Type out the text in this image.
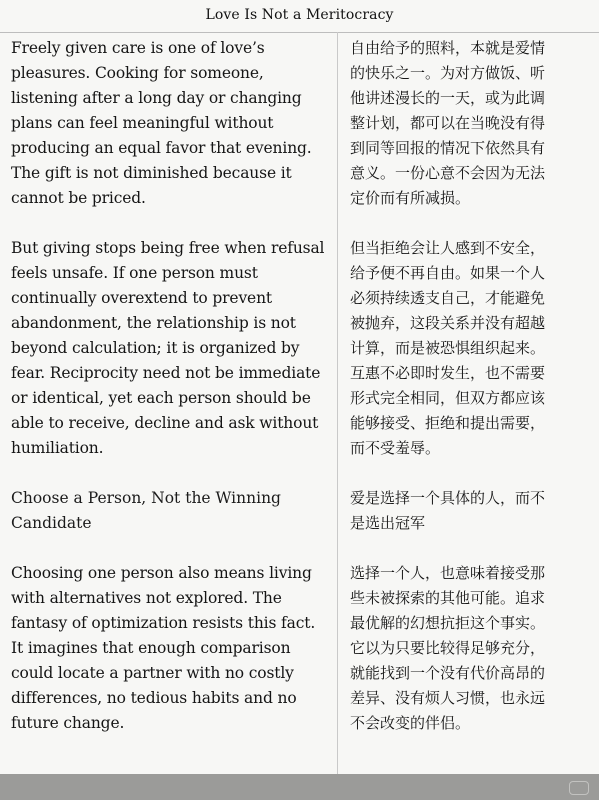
Love Is Not a Meritocracy

Freely given care is one of love’s
pleasures. Cooking for someone,
listening after a long day or changing
plans can feel meaningful without
producing an equal favor that evening.
The gift is not diminished because it
cannot be priced.

But giving stops being free when refusal
feels unsafe. If one person must
continually overextend to prevent
abandonment, the relationship is not
beyond calculation; it is organized by
fear. Reciprocity need not be immediate
or identical, yet each person should be
able to receive, decline and ask without
humiliation.

Choose a Person, Not the Winning
Candidate

Choosing one person also means living
with alternatives not explored. The
fantasy of optimization resists this fact.
It imagines that enough comparison
could locate a partner with no costly
differences, no tedious habits and no
future change.

自由给予的照料，本就是爱情
的快乐之一。为对方做饭、听
他讲述漫长的一天，或为此调
整计划，都可以在当晚没有得
到同等回报的情况下依然具有
意义。一份心意不会因为无法
定价而有所减损。

但当拒绝会让人感到不安全，
给予便不再自由。如果一个人
必须持续透支自己，才能避免
被抛弃，这段关系并没有超越
计算，而是被恐惧组织起来。
互惠不必即时发生，也不需要
形式完全相同，但双方都应该
能够接受、拒绝和提出需要，
而不受羞辱。

爱是选择一个具体的人，而不
是选出冠军

选择一个人，也意味着接受那
些未被探索的其他可能。追求
最优解的幻想抗拒这个事实。
它以为只要比较得足够充分，
就能找到一个没有代价高昂的
差异、没有烦人习惯，也永远
不会改变的伴侣。
